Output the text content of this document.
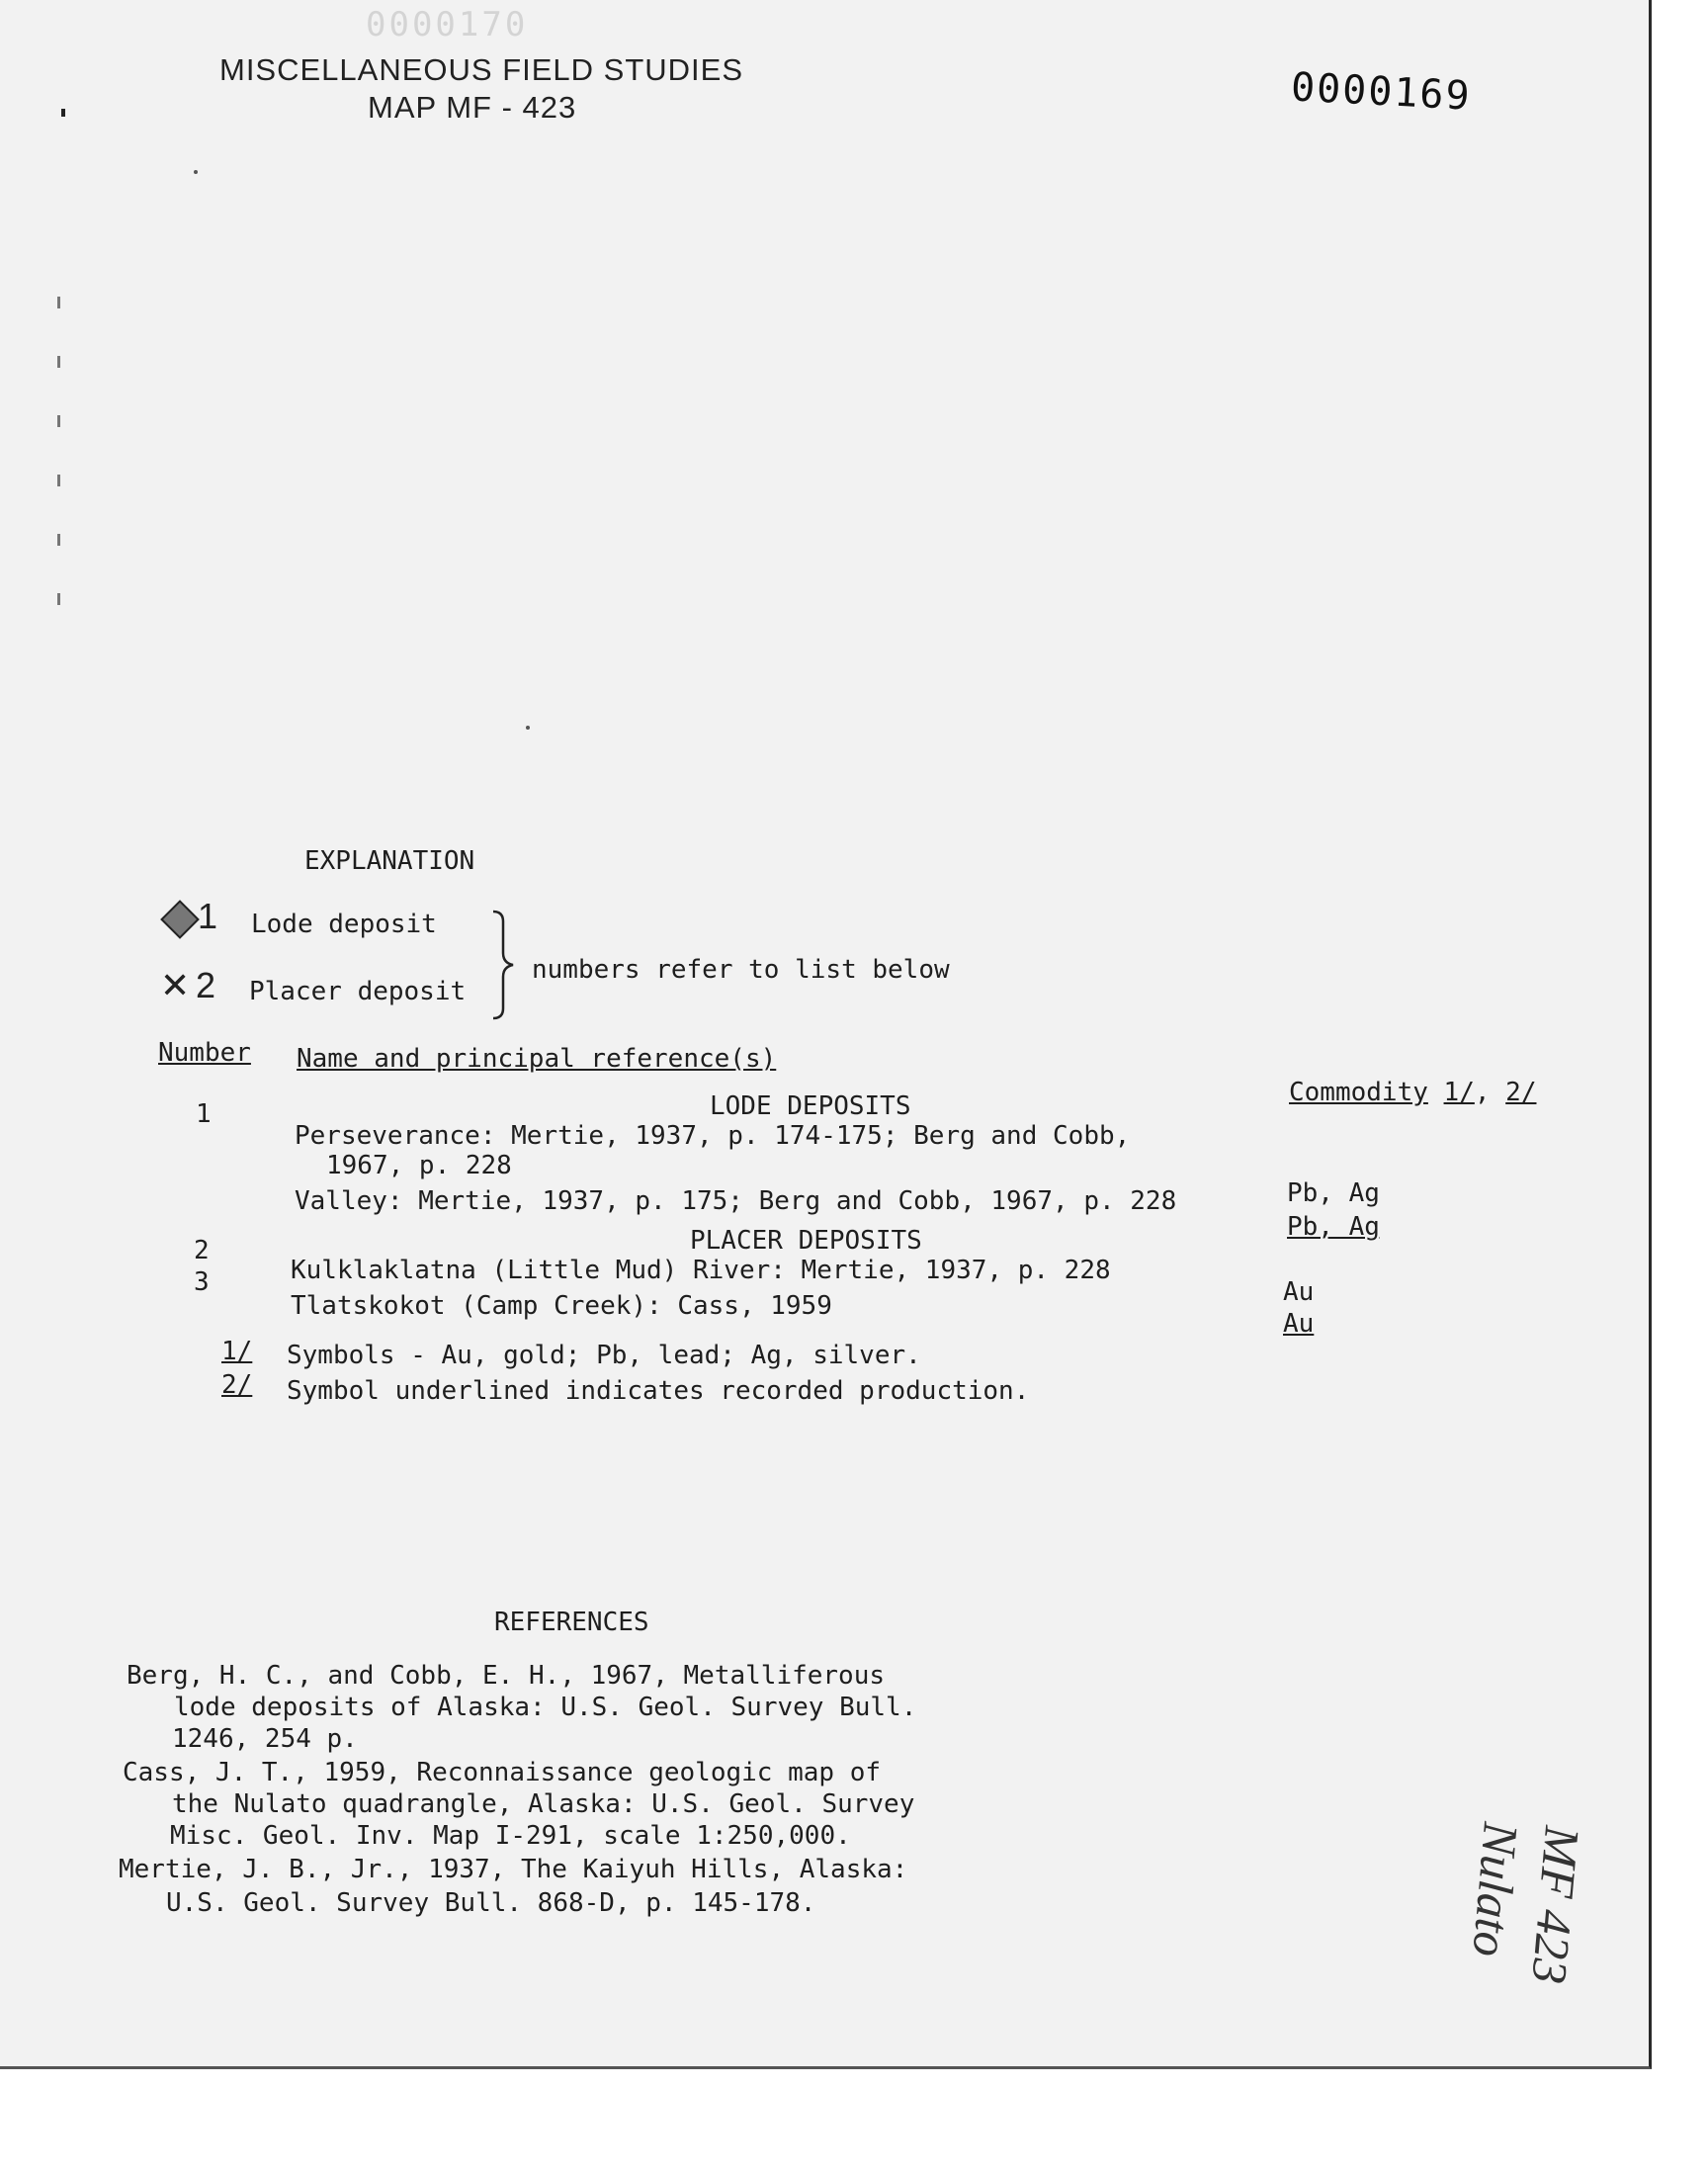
0000170
MISCELLANEOUS FIELD STUDIES
MAP MF - 423	0000169
EXPLANATION
1 Lode deposit
✕ 2 Placer deposit
numbers refer to list below
Number Name and principal reference(s)
Commodity 1/, 2/
LODE DEPOSITS
1
Perseverance: Mertie, 1937, p. 174-175; Berg and Cobb,
1967, p. 228
Pb, Ag
Valley: Mertie, 1937, p. 175; Berg and Cobb, 1967, p. 228
Pb, Ag
PLACER DEPOSITS
2
Kulklaklatna (Little Mud) River: Mertie, 1937, p. 228
Au
3
Tlatskokot (Camp Creek): Cass, 1959
Au
1/ Symbols - Au, gold; Pb, lead; Ag, silver.
2/ Symbol underlined indicates recorded production.
REFERENCES
Berg, H. C., and Cobb, E. H., 1967, Metalliferous
lode deposits of Alaska: U.S. Geol. Survey Bull.
1246, 254 p.
Cass, J. T., 1959, Reconnaissance geologic map of
the Nulato quadrangle, Alaska: U.S. Geol. Survey
Misc. Geol. Inv. Map I-291, scale 1:250,000.
Mertie, J. B., Jr., 1937, The Kaiyuh Hills, Alaska:
U.S. Geol. Survey Bull. 868-D, p. 145-178.	MF 423
Nulato
